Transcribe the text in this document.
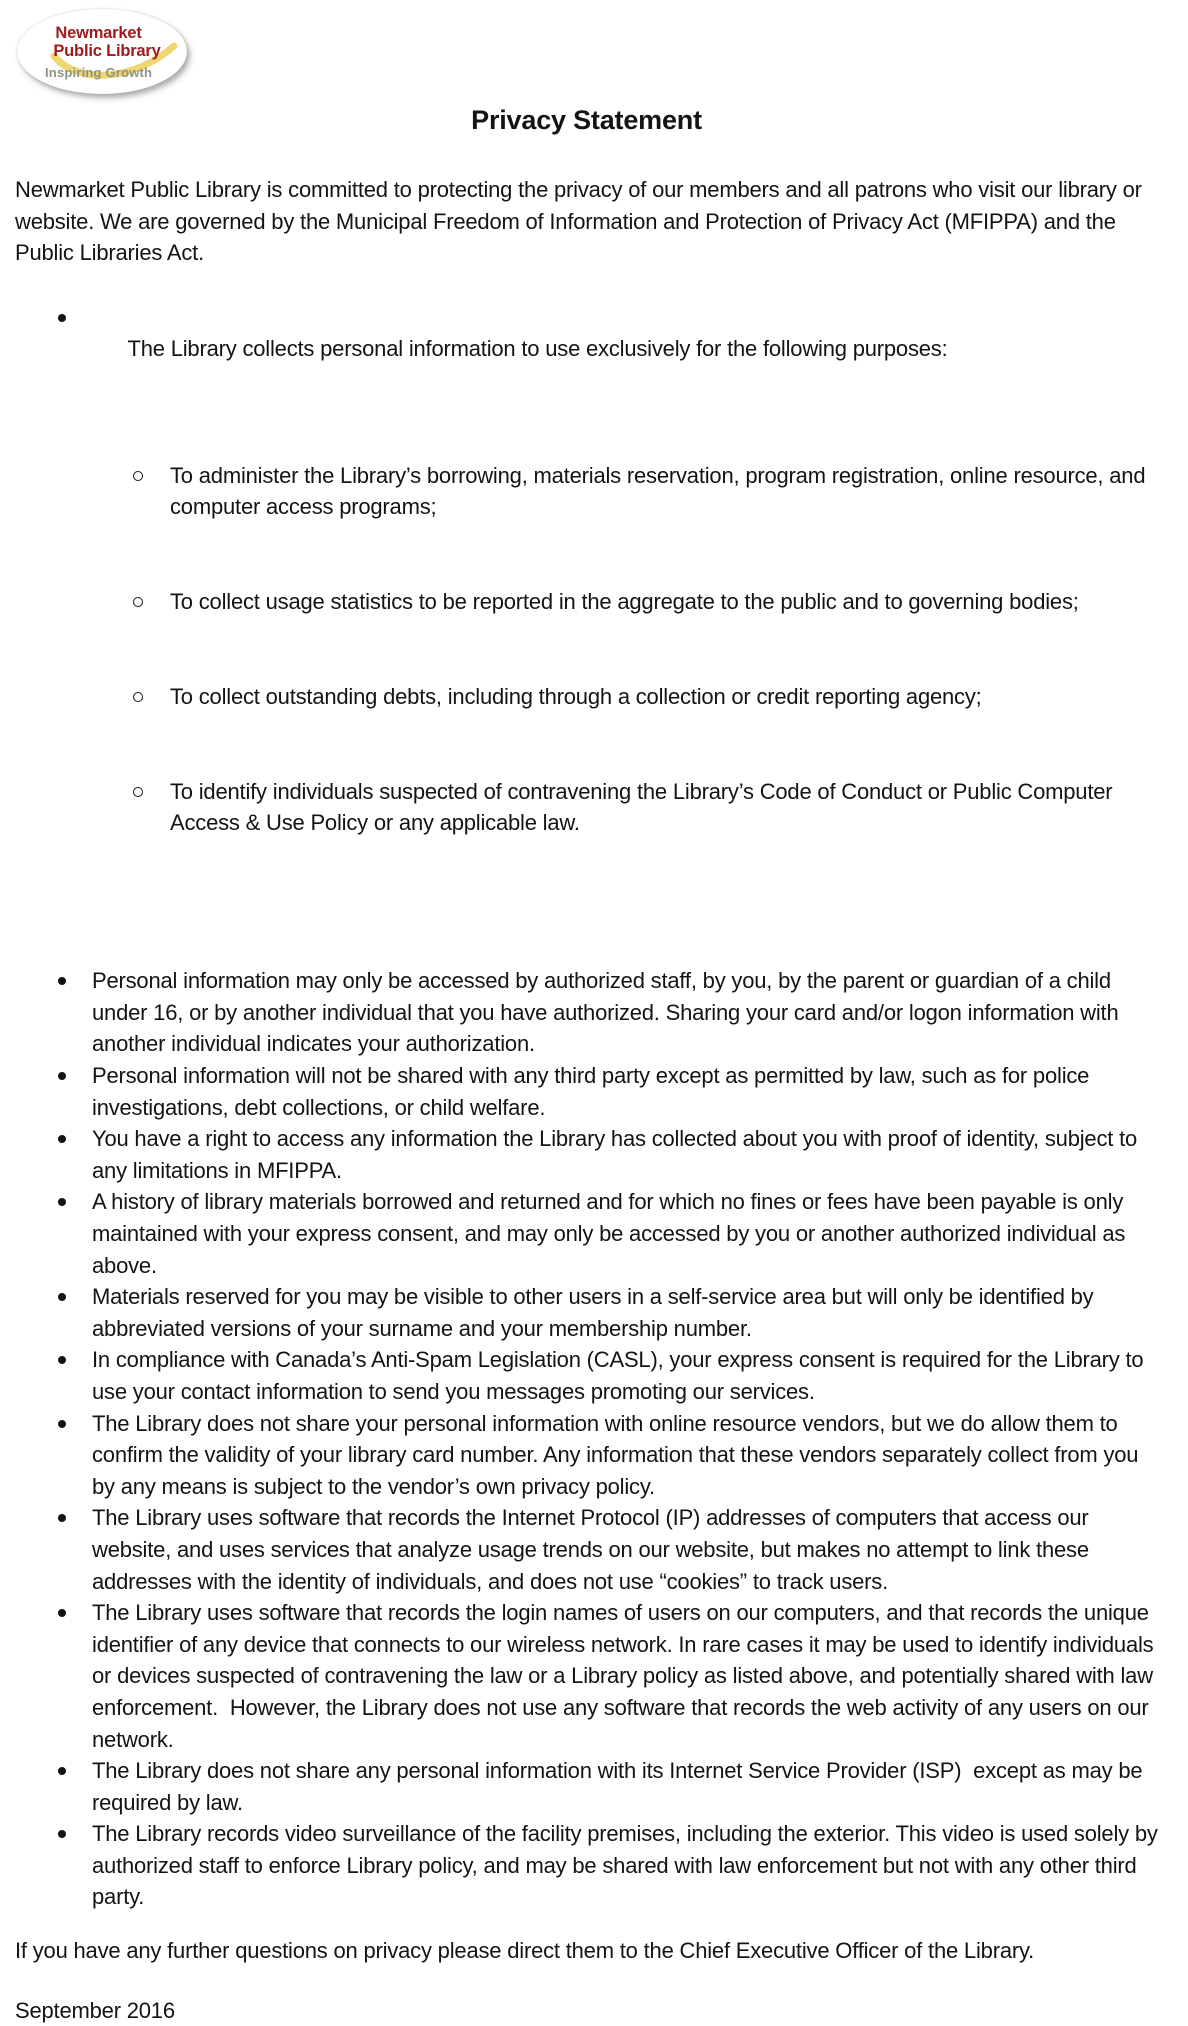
Newmarket
Public Library
Inspiring Growth
Privacy Statement

Newmarket Public Library is committed to protecting the privacy of our members and all patrons who visit our library or website. We are governed by the Municipal Freedom of Information and Protection of Privacy Act (MFIPPA) and the Public Libraries Act.

The Library collects personal information to use exclusively for the following purposes:

To administer the Library’s borrowing, materials reservation, program registration, online resource, and computer access programs;

To collect usage statistics to be reported in the aggregate to the public and to governing bodies;

To collect outstanding debts, including through a collection or credit reporting agency;

To identify individuals suspected of contravening the Library’s Code of Conduct or Public Computer Access & Use Policy or any applicable law.

Personal information may only be accessed by authorized staff, by you, by the parent or guardian of a child under 16, or by another individual that you have authorized. Sharing your card and/or logon information with another individual indicates your authorization.
Personal information will not be shared with any third party except as permitted by law, such as for police investigations, debt collections, or child welfare.
You have a right to access any information the Library has collected about you with proof of identity, subject to any limitations in MFIPPA.
A history of library materials borrowed and returned and for which no fines or fees have been payable is only maintained with your express consent, and may only be accessed by you or another authorized individual as above.
Materials reserved for you may be visible to other users in a self-service area but will only be identified by abbreviated versions of your surname and your membership number.
In compliance with Canada’s Anti-Spam Legislation (CASL), your express consent is required for the Library to use your contact information to send you messages promoting our services.
The Library does not share your personal information with online resource vendors, but we do allow them to confirm the validity of your library card number. Any information that these vendors separately collect from you by any means is subject to the vendor’s own privacy policy.
The Library uses software that records the Internet Protocol (IP) addresses of computers that access our website, and uses services that analyze usage trends on our website, but makes no attempt to link these addresses with the identity of individuals, and does not use “cookies” to track users.
The Library uses software that records the login names of users on our computers, and that records the unique identifier of any device that connects to our wireless network. In rare cases it may be used to identify individuals or devices suspected of contravening the law or a Library policy as listed above, and potentially shared with law enforcement.  However, the Library does not use any software that records the web activity of any users on our network.
The Library does not share any personal information with its Internet Service Provider (ISP)  except as may be required by law.
The Library records video surveillance of the facility premises, including the exterior. This video is used solely by authorized staff to enforce Library policy, and may be shared with law enforcement but not with any other third party.

If you have any further questions on privacy please direct them to the Chief Executive Officer of the Library.

September 2016
